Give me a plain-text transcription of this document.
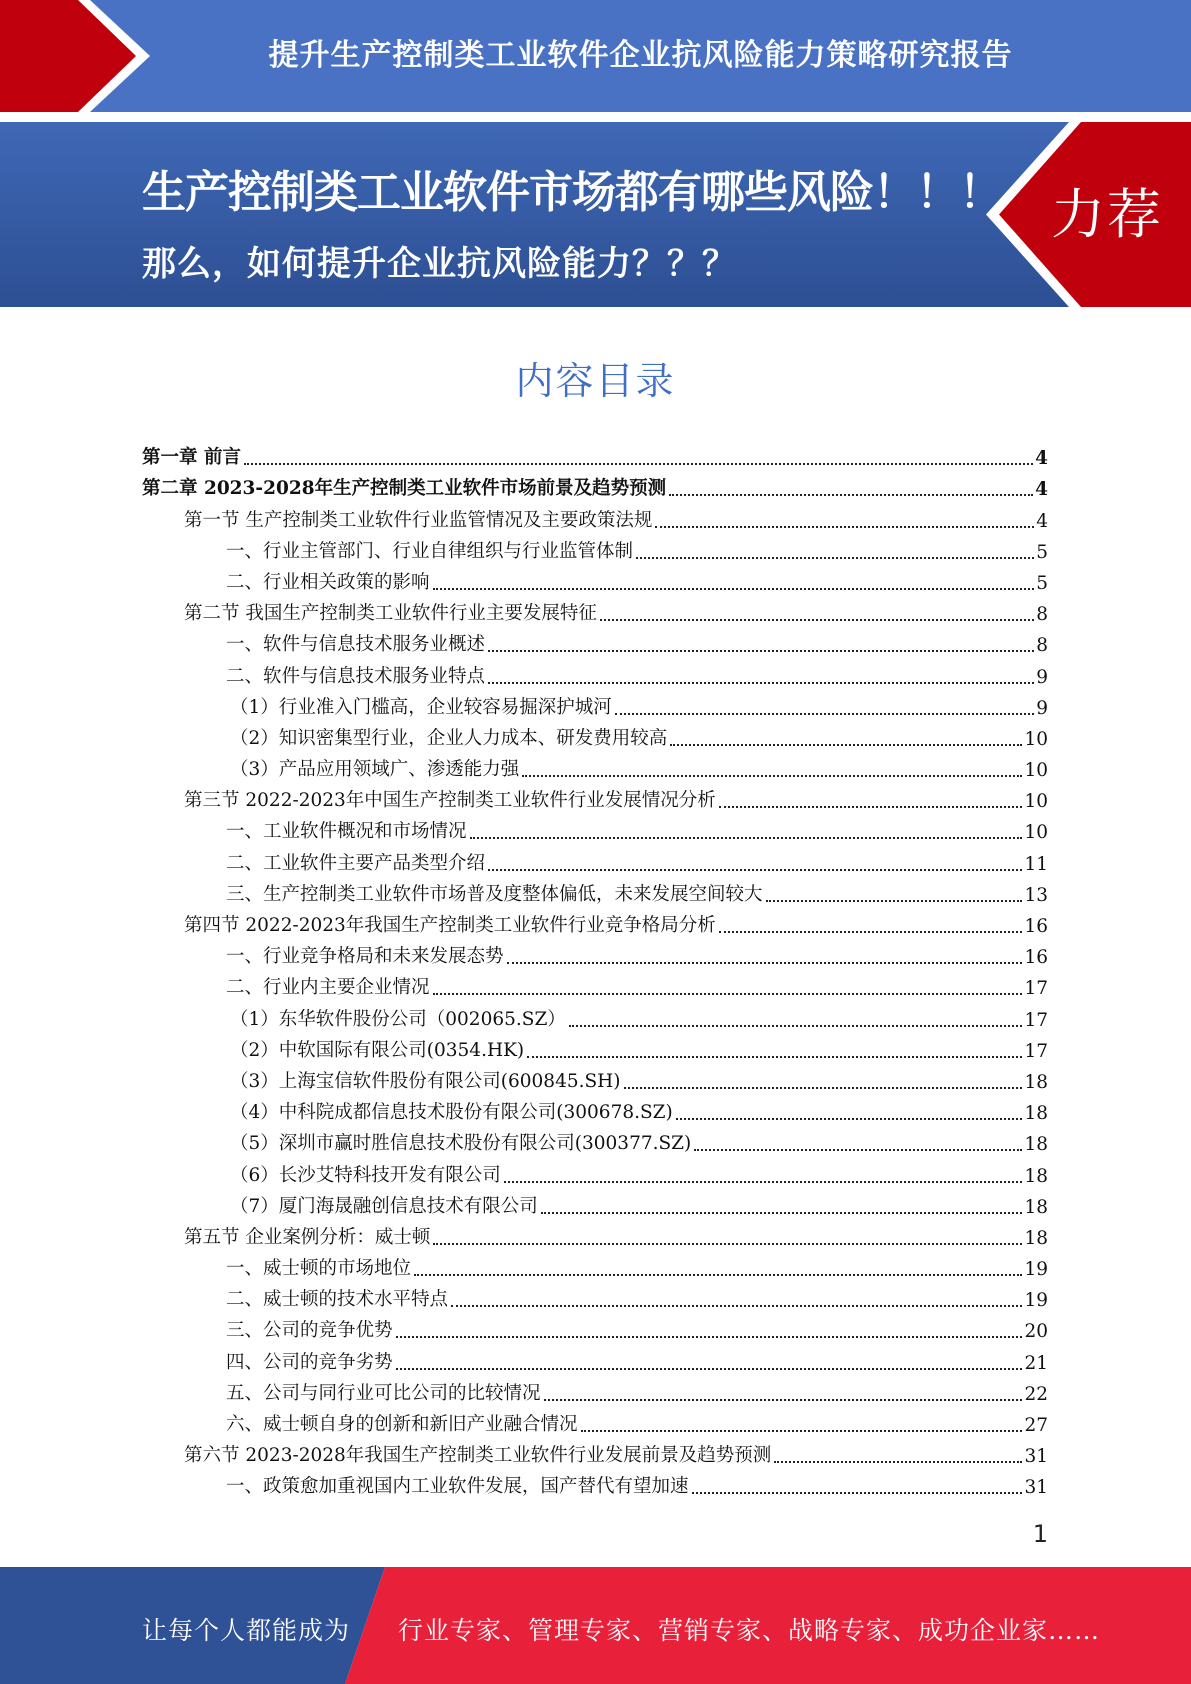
提升生产控制类工业软件企业抗风险能力策略研究报告
生产控制类工业软件市场都有哪些风险！！！
那么，如何提升企业抗风险能力？？？
力荐
内容目录
第一章 前言	4
第二章 2023-2028年生产控制类工业软件市场前景及趋势预测	4
第一节 生产控制类工业软件行业监管情况及主要政策法规	4
一、行业主管部门、行业自律组织与行业监管体制	5
二、行业相关政策的影响	5
第二节 我国生产控制类工业软件行业主要发展特征	8
一、软件与信息技术服务业概述	8
二、软件与信息技术服务业特点	9
（1）行业准入门槛高，企业较容易掘深护城河	9
（2）知识密集型行业，企业人力成本、研发费用较高	10
（3）产品应用领域广、渗透能力强	10
第三节 2022-2023年中国生产控制类工业软件行业发展情况分析	10
一、工业软件概况和市场情况	10
二、工业软件主要产品类型介绍	11
三、生产控制类工业软件市场普及度整体偏低，未来发展空间较大	13
第四节 2022-2023年我国生产控制类工业软件行业竞争格局分析	16
一、行业竞争格局和未来发展态势	16
二、行业内主要企业情况	17
（1）东华软件股份公司（002065.SZ）	17
（2）中软国际有限公司(0354.HK)	17
（3）上海宝信软件股份有限公司(600845.SH)	18
（4）中科院成都信息技术股份有限公司(300678.SZ)	18
（5）深圳市赢时胜信息技术股份有限公司(300377.SZ)	18
（6）长沙艾特科技开发有限公司	18
（7）厦门海晟融创信息技术有限公司	18
第五节 企业案例分析：威士顿	18
一、威士顿的市场地位	19
二、威士顿的技术水平特点	19
三、公司的竞争优势	20
四、公司的竞争劣势	21
五、公司与同行业可比公司的比较情况	22
六、威士顿自身的创新和新旧产业融合情况	27
第六节 2023-2028年我国生产控制类工业软件行业发展前景及趋势预测	31
一、政策愈加重视国内工业软件发展，国产替代有望加速	31
1
让每个人都能成为 行业专家、管理专家、营销专家、战略专家、成功企业家……
